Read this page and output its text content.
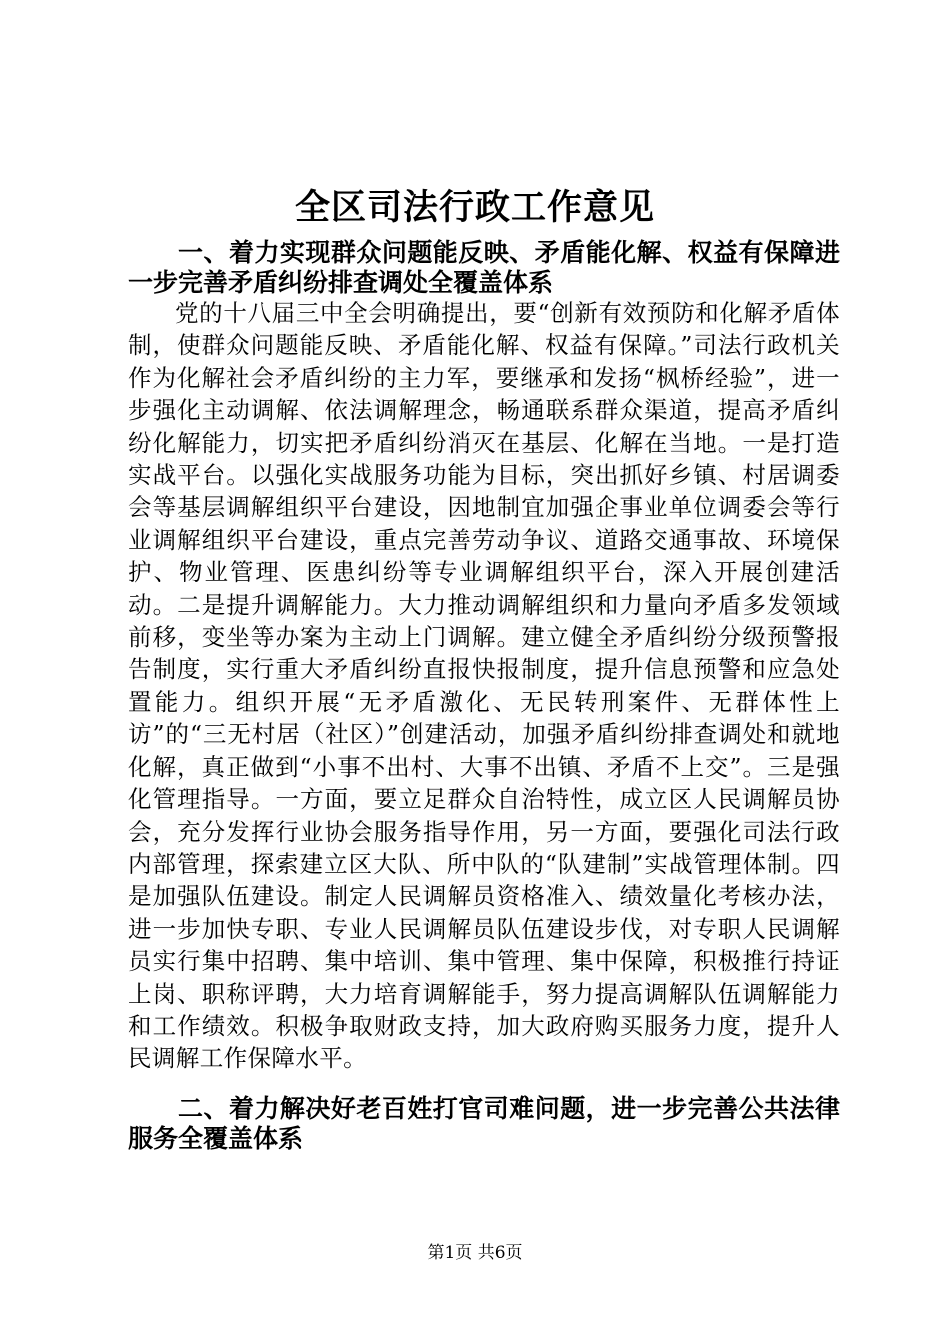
全区司法行政工作意见
一、着力实现群众问题能反映、矛盾能化解、权益有保障进一步完善矛盾纠纷排查调处全覆盖体系

党的十八届三中全会明确提出，要“创新有效预防和化解矛盾体制，使群众问题能反映、矛盾能化解、权益有保障。”司法行政机关作为化解社会矛盾纠纷的主力军，要继承和发扬“枫桥经验”，进一步强化主动调解、依法调解理念，畅通联系群众渠道，提高矛盾纠纷化解能力，切实把矛盾纠纷消灭在基层、化解在当地。一是打造实战平台。以强化实战服务功能为目标，突出抓好乡镇、村居调委会等基层调解组织平台建设，因地制宜加强企事业单位调委会等行业调解组织平台建设，重点完善劳动争议、道路交通事故、环境保护、物业管理、医患纠纷等专业调解组织平台，深入开展创建活动。二是提升调解能力。大力推动调解组织和力量向矛盾多发领域前移，变坐等办案为主动上门调解。建立健全矛盾纠纷分级预警报告制度，实行重大矛盾纠纷直报快报制度，提升信息预警和应急处置能力。组织开展“无矛盾激化、无民转刑案件、无群体性上访”的“三无村居（社区）”创建活动，加强矛盾纠纷排查调处和就地化解，真正做到“小事不出村、大事不出镇、矛盾不上交”。三是强化管理指导。一方面，要立足群众自治特性，成立区人民调解员协会，充分发挥行业协会服务指导作用，另一方面，要强化司法行政内部管理，探索建立区大队、所中队的“队建制”实战管理体制。四是加强队伍建设。制定人民调解员资格准入、绩效量化考核办法，进一步加快专职、专业人民调解员队伍建设步伐，对专职人民调解员实行集中招聘、集中培训、集中管理、集中保障，积极推行持证上岗、职称评聘，大力培育调解能手，努力提高调解队伍调解能力和工作绩效。积极争取财政支持，加大政府购买服务力度，提升人民调解工作保障水平。

二、着力解决好老百姓打官司难问题，进一步完善公共法律服务全覆盖体系
第1页 共6页
